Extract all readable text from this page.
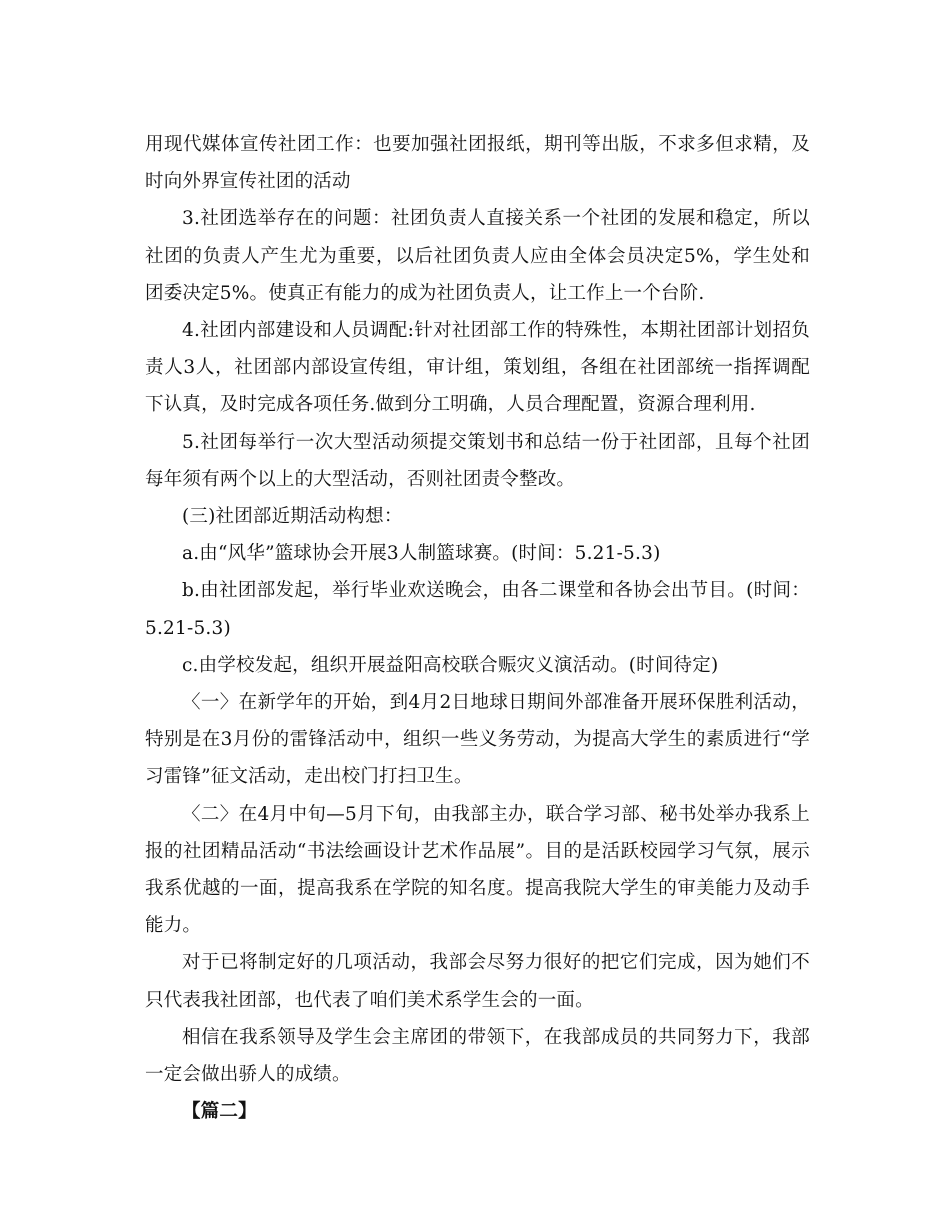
用现代媒体宣传社团工作：也要加强社团报纸，期刊等出版，不求多但求精，及时向外界宣传社团的活动

3.社团选举存在的问题：社团负责人直接关系一个社团的发展和稳定，所以社团的负责人产生尤为重要，以后社团负责人应由全体会员决定5%，学生处和团委决定5%。使真正有能力的成为社团负责人，让工作上一个台阶.

4.社团内部建设和人员调配:针对社团部工作的特殊性，本期社团部计划招负责人3人，社团部内部设宣传组，审计组，策划组，各组在社团部统一指挥调配下认真，及时完成各项任务.做到分工明确，人员合理配置，资源合理利用.

5.社团每举行一次大型活动须提交策划书和总结一份于社团部，且每个社团每年须有两个以上的大型活动，否则社团责令整改。

(三)社团部近期活动构想：

a.由“风华”篮球协会开展3人制篮球赛。(时间：5.21-5.3)

b.由社团部发起，举行毕业欢送晚会，由各二课堂和各协会出节目。(时间：5.21-5.3)

c.由学校发起，组织开展益阳高校联合赈灾义演活动。(时间待定)

〈一〉在新学年的开始，到4月2日地球日期间外部准备开展环保胜利活动，特别是在3月份的雷锋活动中，组织一些义务劳动，为提高大学生的素质进行“学习雷锋”征文活动，走出校门打扫卫生。

〈二〉在4月中旬—5月下旬，由我部主办，联合学习部、秘书处举办我系上报的社团精品活动“书法绘画设计艺术作品展”。目的是活跃校园学习气氛，展示我系优越的一面，提高我系在学院的知名度。提高我院大学生的审美能力及动手能力。

对于已将制定好的几项活动，我部会尽努力很好的把它们完成，因为她们不只代表我社团部，也代表了咱们美术系学生会的一面。

相信在我系领导及学生会主席团的带领下，在我部成员的共同努力下，我部一定会做出骄人的成绩。

【篇二】
